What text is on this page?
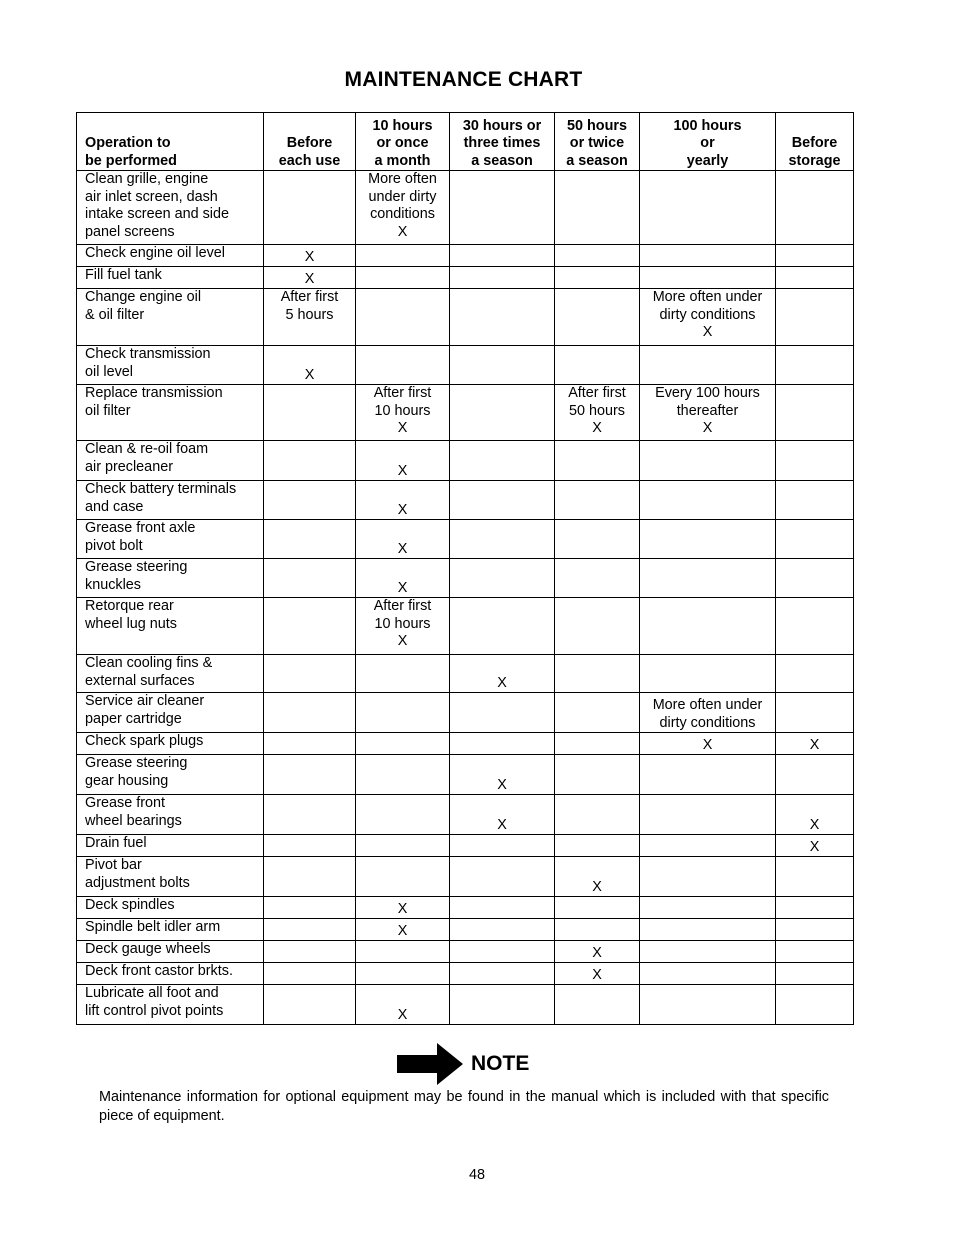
MAINTENANCE CHART
Operation to
be performed	Before
each use	10 hours
or once
a month	30 hours or
three times
a season	50 hours
or twice
a season	100 hours
or
yearly	Before
storage
Clean grille, engine
air inlet screen, dash
intake screen and side
panel screens		More often
under dirty
conditions
X				
Check engine oil level	X					
Fill fuel tank	X					
Change engine oil
& oil filter	After first
5 hours				More often under
dirty conditions
X	
Check transmission
oil level	X					
Replace transmission
oil filter		After first
10 hours
X		After first
50 hours
X	Every 100 hours
thereafter
X	
Clean & re-oil foam
air precleaner		X				
Check battery terminals
and case		X				
Grease front axle
pivot bolt		X				
Grease steering
knuckles		X				
Retorque rear
wheel lug nuts		After first
10 hours
X				
Clean cooling fins &
external surfaces			X			
Service air cleaner
paper cartridge					More often under
dirty conditions	
Check spark plugs					X	X
Grease steering
gear housing			X			
Grease front
wheel bearings			X			X
Drain fuel						X
Pivot bar
adjustment bolts				X		
Deck spindles		X				
Spindle belt idler arm		X				
Deck gauge wheels				X		
Deck front castor brkts.				X		
Lubricate all foot and
lift control pivot points		X				
NOTE
Maintenance information for optional equipment may be found in the manual which is included with that specific piece of equipment.
48
